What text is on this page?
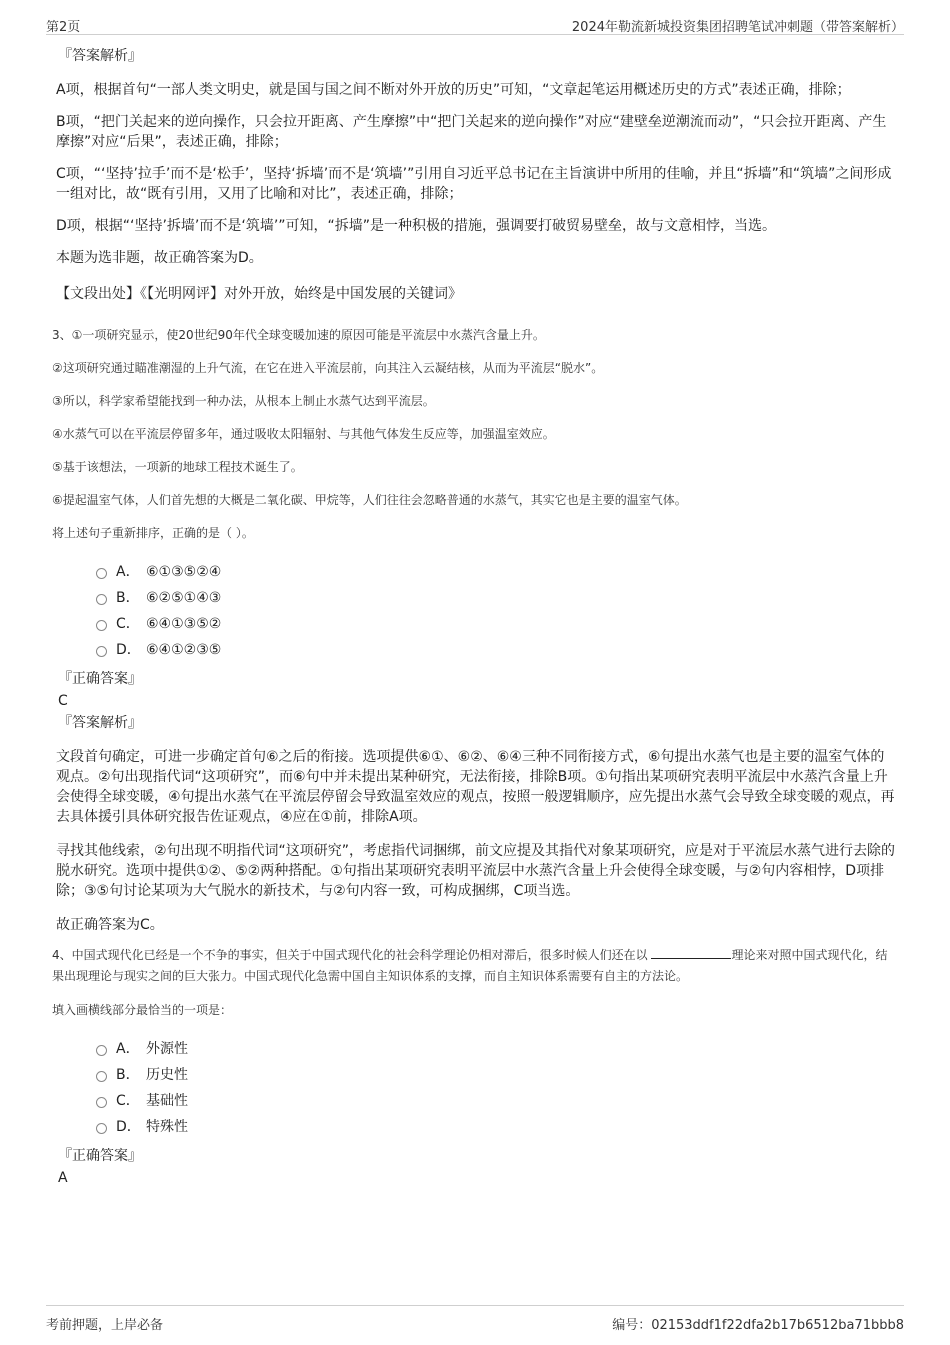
第2页	2024年勒流新城投资集团招聘笔试冲刺题（带答案解析）

『答案解析』

A项，根据首句“一部人类文明史，就是国与国之间不断对外开放的历史”可知，“文章起笔运用概述历史的方式”表述正确，排除；

B项，“把门关起来的逆向操作，只会拉开距离、产生摩擦”中“把门关起来的逆向操作”对应“建壁垒逆潮流而动”，“只会拉开距离、产生摩擦”对应“后果”，表述正确，排除；

C项，“‘坚持’拉手’而不是‘松手’，坚持‘拆墙’而不是‘筑墙’”引用自习近平总书记在主旨演讲中所用的佳喻，并且“拆墙”和“筑墙”之间形成一组对比，故“既有引用，又用了比喻和对比”，表述正确，排除；

D项，根据“‘坚持’拆墙’而不是‘筑墙’”可知，“拆墙”是一种积极的措施，强调要打破贸易壁垒，故与文意相悖，当选。

本题为选非题，故正确答案为D。

【文段出处】《【光明网评】对外开放，始终是中国发展的关键词》

3、①一项研究显示，使20世纪90年代全球变暖加速的原因可能是平流层中水蒸汽含量上升。

②这项研究通过瞄准潮湿的上升气流，在它在进入平流层前，向其注入云凝结核，从而为平流层“脱水”。

③所以，科学家希望能找到一种办法，从根本上制止水蒸气达到平流层。

④水蒸气可以在平流层停留多年，通过吸收太阳辐射、与其他气体发生反应等，加强温室效应。

⑤基于该想法，一项新的地球工程技术诞生了。

⑥提起温室气体，人们首先想的大概是二氧化碳、甲烷等，人们往往会忽略普通的水蒸气，其实它也是主要的温室气体。

将上述句子重新排序，正确的是（ ）。

A． ⑥①③⑤②④
B． ⑥②⑤①④③
C． ⑥④①③⑤②
D． ⑥④①②③⑤

『正确答案』

C

『答案解析』

文段首句确定，可进一步确定首句⑥之后的衔接。选项提供⑥①、⑥②、⑥④三种不同衔接方式，⑥句提出水蒸气也是主要的温室气体的观点。②句出现指代词“这项研究”，而⑥句中并未提出某种研究，无法衔接，排除B项。①句指出某项研究表明平流层中水蒸汽含量上升会使得全球变暖，④句提出水蒸气在平流层停留会导致温室效应的观点，按照一般逻辑顺序，应先提出水蒸气会导致全球变暖的观点，再去具体援引具体研究报告佐证观点，④应在①前，排除A项。

寻找其他线索，②句出现不明指代词“这项研究”，考虑指代词捆绑，前文应提及其指代对象某项研究，应是对于平流层水蒸气进行去除的脱水研究。选项中提供①②、⑤②两种搭配。①句指出某项研究表明平流层中水蒸汽含量上升会使得全球变暖，与②句内容相悖，D项排除；③⑤句讨论某项为大气脱水的新技术，与②句内容一致，可构成捆绑，C项当选。

故正确答案为C。

4、中国式现代化已经是一个不争的事实，但关于中国式现代化的社会科学理论仍相对滞后，很多时候人们还在以	理论来对照中国式现代化，结果出现理论与现实之间的巨大张力。中国式现代化急需中国自主知识体系的支撑，而自主知识体系需要有自主的方法论。

填入画横线部分最恰当的一项是：

A． 外源性
B． 历史性
C． 基础性
D． 特殊性

『正确答案』

A

考前押题，上岸必备	编号：02153ddf1f22dfa2b17b6512ba71bbb8
